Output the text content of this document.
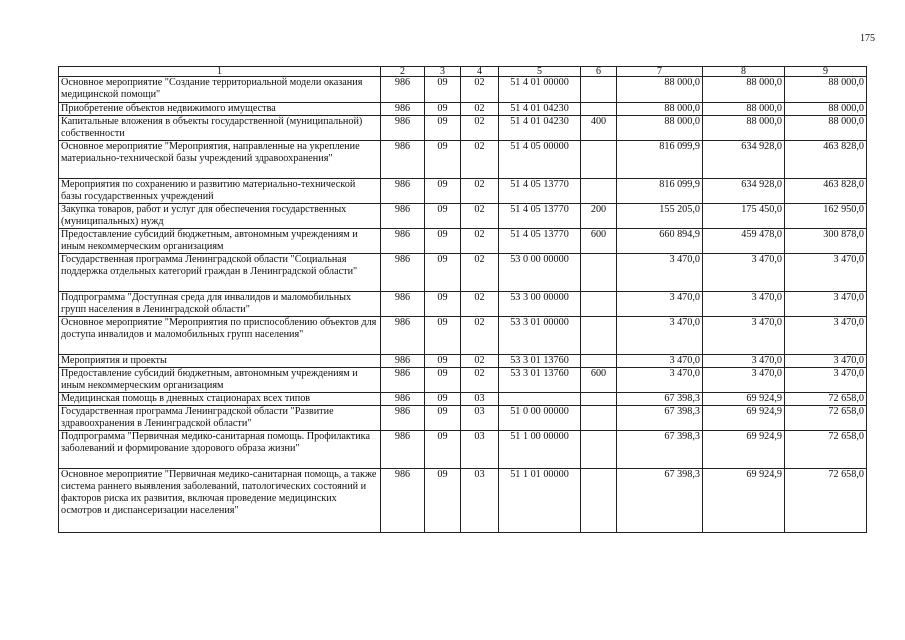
175
1	2	3	4	5	6	7	8	9
Основное мероприятие "Создание территориальной модели оказания медицинской помощи"	986	09	02	51 4 01 00000		88 000,0	88 000,0	88 000,0
Приобретение объектов недвижимого имущества	986	09	02	51 4 01 04230		88 000,0	88 000,0	88 000,0
Капитальные вложения в объекты государственной (муниципальной) собственности	986	09	02	51 4 01 04230	400	88 000,0	88 000,0	88 000,0
Основное мероприятие "Мероприятия, направленные на укрепление материально-технической базы учреждений здравоохранения"	986	09	02	51 4 05 00000		816 099,9	634 928,0	463 828,0
Мероприятия по сохранению и развитию материально-технической базы государственных учреждений	986	09	02	51 4 05 13770		816 099,9	634 928,0	463 828,0
Закупка товаров, работ и услуг для обеспечения государственных (муниципальных) нужд	986	09	02	51 4 05 13770	200	155 205,0	175 450,0	162 950,0
Предоставление субсидий бюджетным, автономным учреждениям и иным некоммерческим организациям	986	09	02	51 4 05 13770	600	660 894,9	459 478,0	300 878,0
Государственная программа Ленинградской области "Социальная поддержка отдельных категорий граждан в Ленинградской области"	986	09	02	53 0 00 00000		3 470,0	3 470,0	3 470,0
Подпрограмма "Доступная среда для инвалидов и маломобильных групп населения в Ленинградской области"	986	09	02	53 3 00 00000		3 470,0	3 470,0	3 470,0
Основное мероприятие "Мероприятия по приспособлению объектов для доступа инвалидов и маломобильных групп населения"	986	09	02	53 3 01 00000		3 470,0	3 470,0	3 470,0
Мероприятия и проекты	986	09	02	53 3 01 13760		3 470,0	3 470,0	3 470,0
Предоставление субсидий бюджетным, автономным учреждениям и иным некоммерческим организациям	986	09	02	53 3 01 13760	600	3 470,0	3 470,0	3 470,0
Медицинская помощь в дневных стационарах всех типов	986	09	03			67 398,3	69 924,9	72 658,0
Государственная программа Ленинградской области "Развитие здравоохранения в Ленинградской области"	986	09	03	51 0 00 00000		67 398,3	69 924,9	72 658,0
Подпрограмма "Первичная медико-санитарная помощь. Профилактика заболеваний и формирование здорового образа жизни"	986	09	03	51 1 00 00000		67 398,3	69 924,9	72 658,0
Основное мероприятие "Первичная медико-санитарная помощь, а также система раннего выявления заболеваний, патологических состояний и факторов риска их развития, включая проведение медицинских осмотров и диспансеризации населения"	986	09	03	51 1 01 00000		67 398,3	69 924,9	72 658,0
